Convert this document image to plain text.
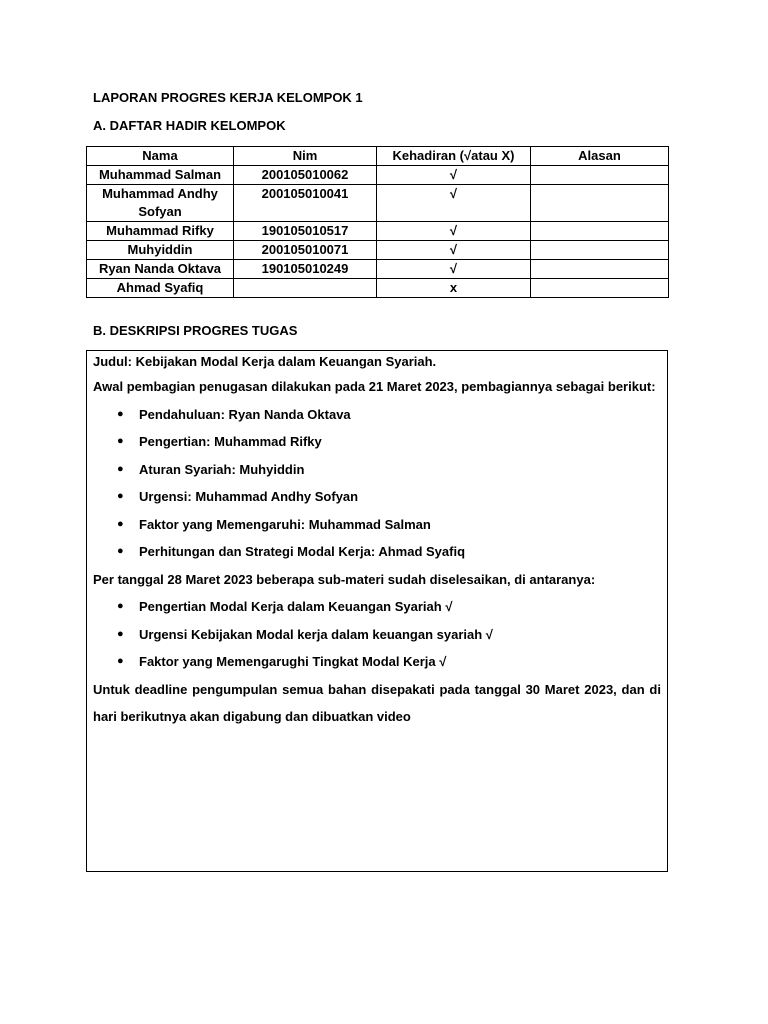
LAPORAN PROGRES KERJA KELOMPOK 1
A. DAFTAR HADIR KELOMPOK
Nama	Nim	Kehadiran (√atau X)	Alasan
Muhammad Salman	200105010062	√	
Muhammad Andhy Sofyan	200105010041	√	
Muhammad Rifky	190105010517	√	
Muhyiddin	200105010071	√	
Ryan Nanda Oktava	190105010249	√	
Ahmad Syafiq		x	
B. DESKRIPSI PROGRES TUGAS
Judul: Kebijakan Modal Kerja dalam Keuangan Syariah.
Awal pembagian penugasan dilakukan pada 21 Maret 2023, pembagiannya sebagai berikut:
● Pendahuluan: Ryan Nanda Oktava
● Pengertian: Muhammad Rifky
● Aturan Syariah: Muhyiddin
● Urgensi: Muhammad Andhy Sofyan
● Faktor yang Memengaruhi: Muhammad Salman
● Perhitungan dan Strategi Modal Kerja: Ahmad Syafiq
Per tanggal 28 Maret 2023 beberapa sub-materi sudah diselesaikan, di antaranya:
● Pengertian Modal Kerja dalam Keuangan Syariah √
● Urgensi Kebijakan Modal kerja dalam keuangan syariah √
● Faktor yang Memengarughi Tingkat Modal Kerja √
Untuk deadline pengumpulan semua bahan disepakati pada tanggal 30 Maret 2023, dan di hari berikutnya akan digabung dan dibuatkan video
